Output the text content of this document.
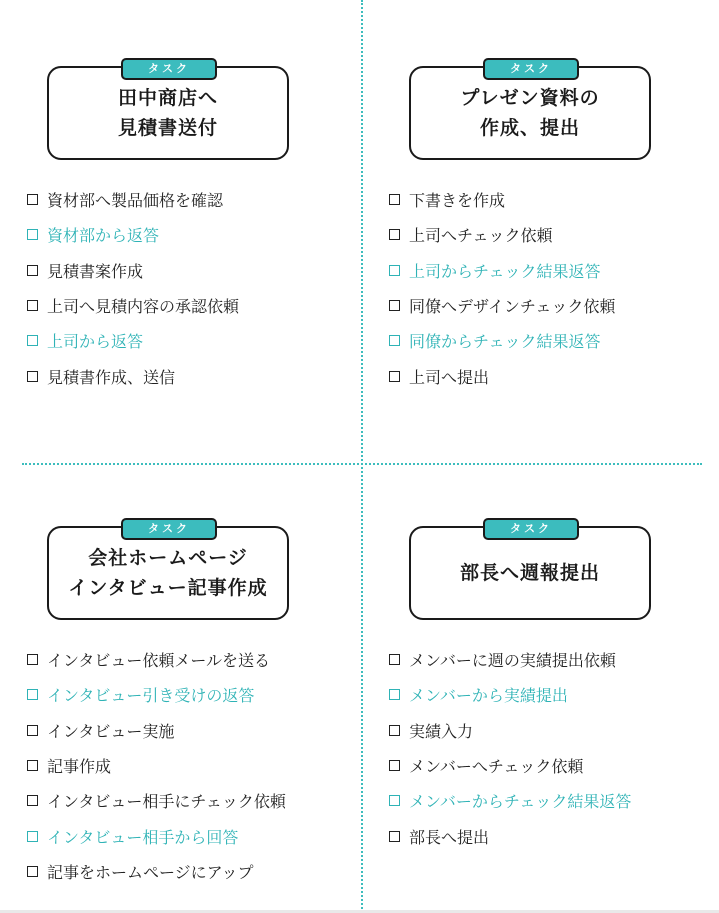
田中商店へ
見積書送付
タスク
資材部へ製品価格を確認
資材部から返答
見積書案作成
上司へ見積内容の承認依頼
上司から返答
見積書作成、送信
プレゼン資料の
作成、提出
タスク
下書きを作成
上司へチェック依頼
上司からチェック結果返答
同僚へデザインチェック依頼
同僚からチェック結果返答
上司へ提出
会社ホームページ
インタビュー記事作成
タスク
インタビュー依頼メールを送る
インタビュー引き受けの返答
インタビュー実施
記事作成
インタビュー相手にチェック依頼
インタビュー相手から回答
記事をホームページにアップ
部長へ週報提出
タスク
メンバーに週の実績提出依頼
メンバーから実績提出
実績入力
メンバーへチェック依頼
メンバーからチェック結果返答
部長へ提出
